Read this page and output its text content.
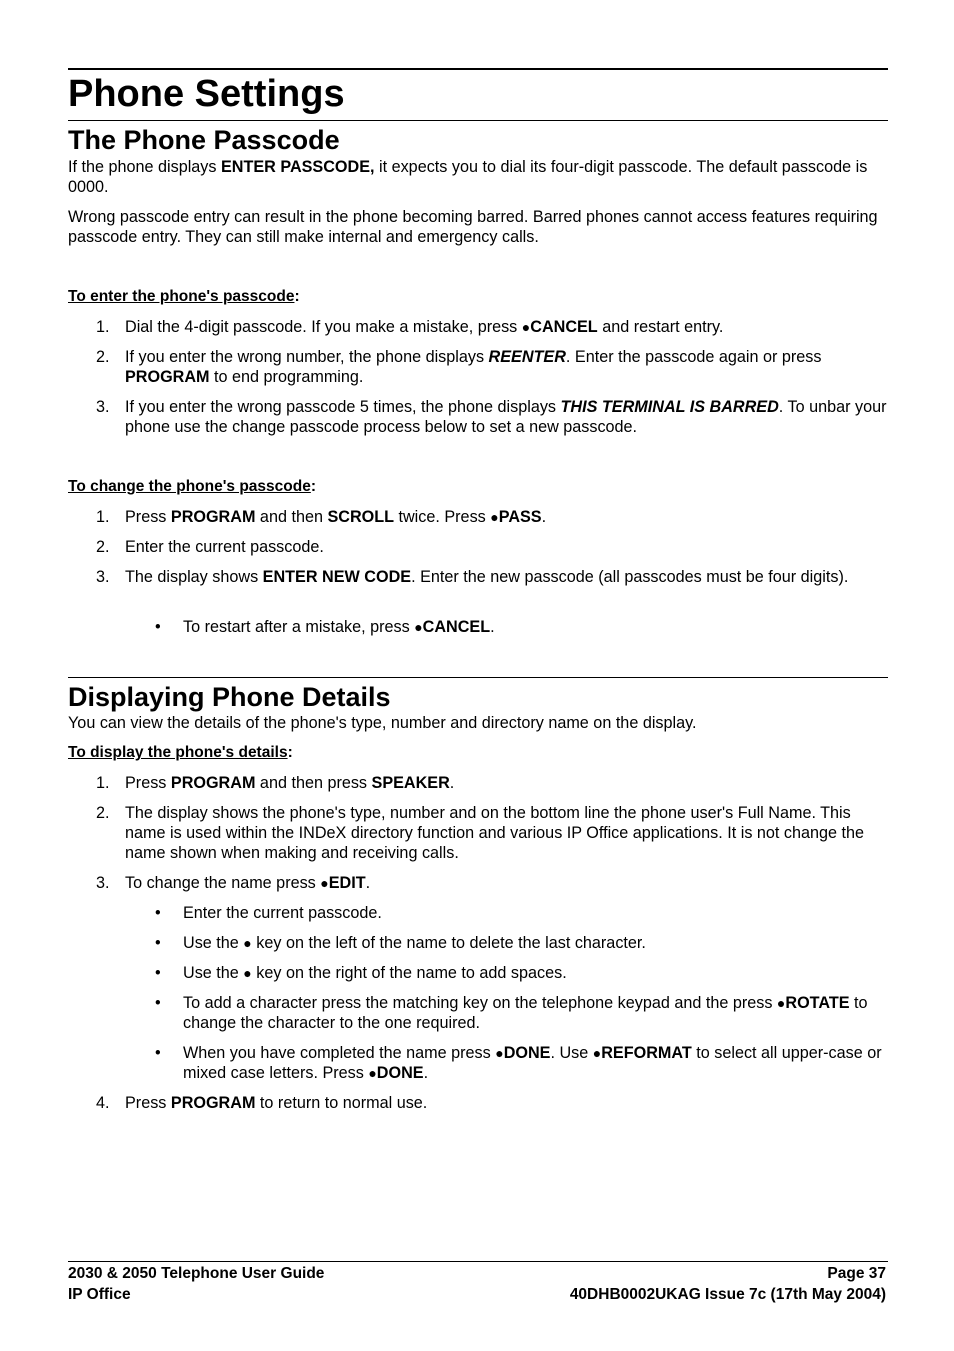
Phone Settings
The Phone Passcode

If the phone displays ENTER PASSCODE, it expects you to dial its four-digit passcode. The default passcode is 0000.

Wrong passcode entry can result in the phone becoming barred. Barred phones cannot access features requiring passcode entry. They can still make internal and emergency calls.

To enter the phone's passcode:

1. Dial the 4-digit passcode. If you make a mistake, press ● CANCEL and restart entry.
2. If you enter the wrong number, the phone displays REENTER. Enter the passcode again or press PROGRAM to end programming.
3. If you enter the wrong passcode 5 times, the phone displays THIS TERMINAL IS BARRED. To unbar your phone use the change passcode process below to set a new passcode.

To change the phone's passcode:

1. Press PROGRAM and then SCROLL twice. Press ● PASS.
2. Enter the current passcode.
3. The display shows ENTER NEW CODE. Enter the new passcode (all passcodes must be four digits).
• To restart after a mistake, press ● CANCEL.
Displaying Phone Details

You can view the details of the phone's type, number and directory name on the display.

To display the phone's details:

1. Press PROGRAM and then press SPEAKER.
2. The display shows the phone's type, number and on the bottom line the phone user's Full Name. This name is used within the INDeX directory function and various IP Office applications. It is not change the name shown when making and receiving calls.
3. To change the name press ● EDIT.
• Enter the current passcode.
• Use the ● key on the left of the name to delete the last character.
• Use the ● key on the right of the name to add spaces.
• To add a character press the matching key on the telephone keypad and the press ● ROTATE to change the character to the one required.
• When you have completed the name press ● DONE. Use ● REFORMAT to select all upper-case or mixed case letters. Press ● DONE.
4. Press PROGRAM to return to normal use.
2030 & 2050 Telephone User Guide
IP Office
Page 37
40DHB0002UKAG Issue 7c (17th May 2004)
